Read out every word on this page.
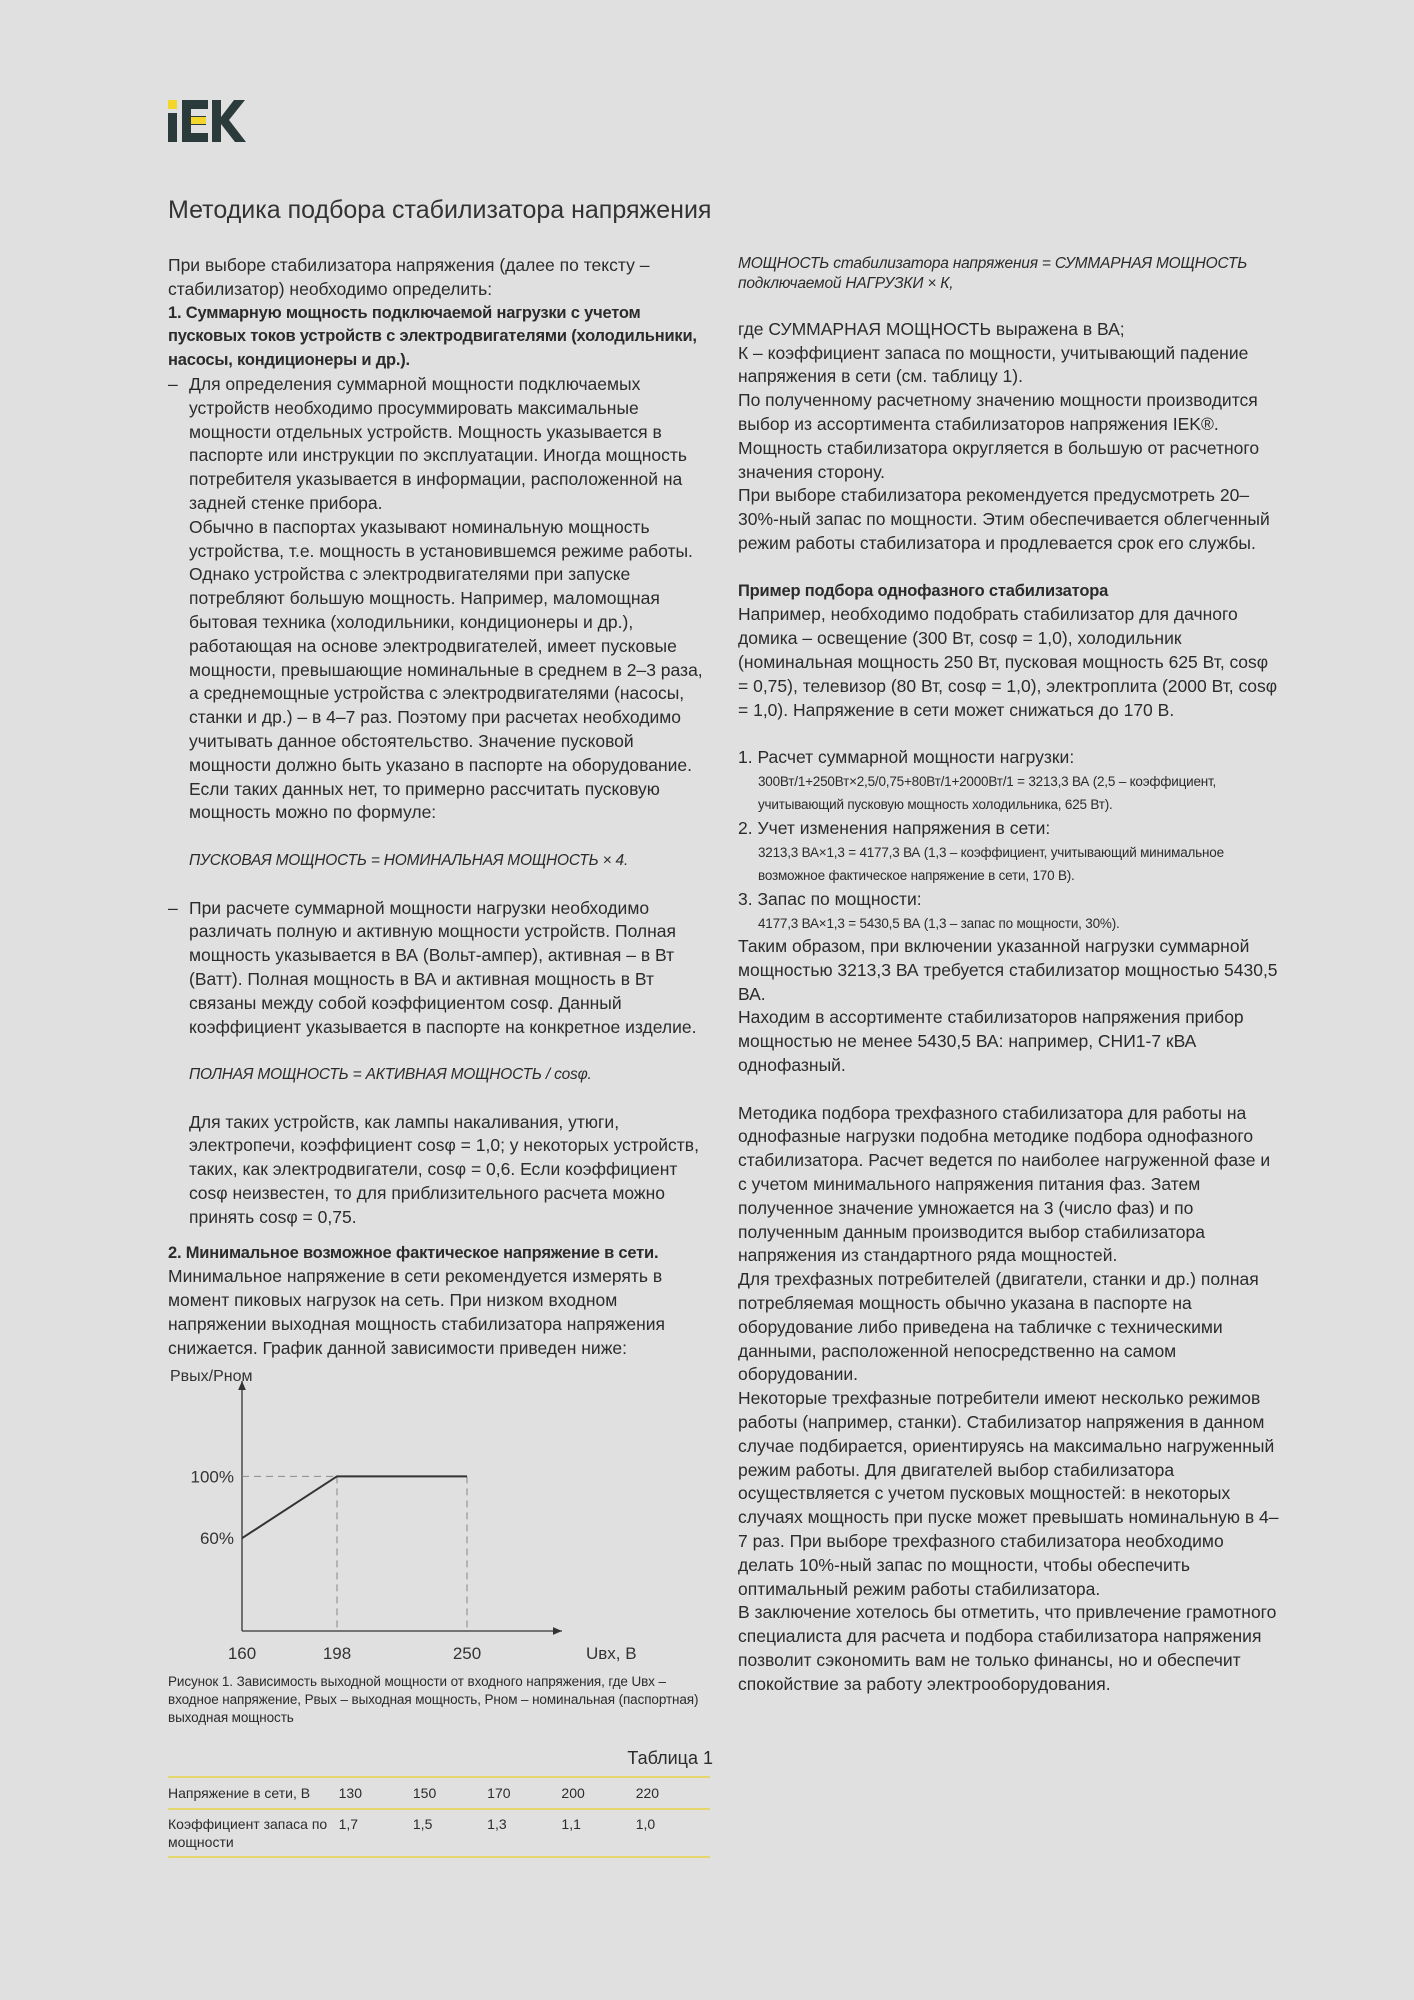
Методика подбора стабилизатора напряжения

При выборе стабилизатора напряжения (далее по тексту – стабилизатор) необходимо определить:

1. Суммарную мощность подключаемой нагрузки с учетом пусковых токов устройств с электродвигателями (холодильники, насосы, кондиционеры и др.).

– Для определения суммарной мощности подключаемых устройств необходимо просуммировать максимальные мощности отдельных устройств. Мощность указывается в паспорте или инструкции по эксплуатации. Иногда мощность потребителя указывается в информации, расположенной на задней стенке прибора.

Обычно в паспортах указывают номинальную мощность устройства, т.е. мощность в установившемся режиме работы. Однако устройства с электродвигателями при запуске потребляют большую мощность. Например, маломощная бытовая техника (холодильники, кондиционеры и др.), работающая на основе электродвигателей, имеет пусковые мощности, превышающие номинальные в среднем в 2–3 раза, а среднемощные устройства с электродвигателями (насосы, станки и др.) – в 4–7 раз. Поэтому при расчетах необходимо учитывать данное обстоятельство. Значение пусковой мощности должно быть указано в паспорте на оборудование. Если таких данных нет, то примерно рассчитать пусковую мощность можно по формуле:

ПУСКОВАЯ МОЩНОСТЬ = НОМИНАЛЬНАЯ МОЩНОСТЬ × 4.

– При расчете суммарной мощности нагрузки необходимо различать полную и активную мощности устройств. Полная мощность указывается в ВА (Вольт-ампер), активная – в Вт (Ватт). Полная мощность в ВА и активная мощность в Вт связаны между собой коэффициентом cosφ. Данный коэффициент указывается в паспорте на конкретное изделие.

ПОЛНАЯ МОЩНОСТЬ = АКТИВНАЯ МОЩНОСТЬ / cosφ.

Для таких устройств, как лампы накаливания, утюги, электропечи, коэффициент cosφ = 1,0; у некоторых устройств, таких, как электродвигатели, cosφ = 0,6. Если коэффициент cosφ неизвестен, то для приблизительного расчета можно принять cosφ = 0,75.

2. Минимальное возможное фактическое напряжение в сети.

Минимальное напряжение в сети рекомендуется измерять в момент пиковых нагрузок на сеть. При низком входном напряжении выходная мощность стабилизатора напряжения снижается. График данной зависимости приведен ниже:

100%
60%
160	198	250
Pвых/Pном
Uвх, В

Рисунок 1. Зависимость выходной мощности от входного напряжения, где Uвх – входное напряжение, Pвых – выходная мощность, Pном – номинальная (паспортная) выходная мощность

Таблица 1
Напряжение в сети, В	130	150	170	200	220
Коэффициент запаса по мощности	1,7	1,5	1,3	1,1	1,0

МОЩНОСТЬ стабилизатора напряжения = СУММАРНАЯ МОЩНОСТЬ подключаемой НАГРУЗКИ × К,

где СУММАРНАЯ МОЩНОСТЬ выражена в ВА;

К – коэффициент запаса по мощности, учитывающий падение напряжения в сети (см. таблицу 1).

По полученному расчетному значению мощности производится выбор из ассортимента стабилизаторов напряжения IEK®. Мощность стабилизатора округляется в большую от расчетного значения сторону.

При выборе стабилизатора рекомендуется предусмотреть 20–30%-ный запас по мощности. Этим обеспечивается облегченный режим работы стабилизатора и продлевается срок его службы.

Пример подбора однофазного стабилизатора

Например, необходимо подобрать стабилизатор для дачного домика – освещение (300 Вт, cosφ = 1,0), холодильник (номинальная мощность 250 Вт, пусковая мощность 625 Вт, cosφ = 0,75), телевизор (80 Вт, cosφ = 1,0), электроплита (2000 Вт, cosφ = 1,0). Напряжение в сети может снижаться до 170 В.

1. Расчет суммарной мощности нагрузки:

300Вт/1+250Вт×2,5/0,75+80Вт/1+2000Вт/1 = 3213,3 ВА (2,5 – коэффициент, учитывающий пусковую мощность холодильника, 625 Вт).

2. Учет изменения напряжения в сети:

3213,3 ВА×1,3 = 4177,3 ВА (1,3 – коэффициент, учитывающий минимальное возможное фактическое напряжение в сети, 170 В).

3. Запас по мощности:

4177,3 ВА×1,3 = 5430,5 ВА (1,3 – запас по мощности, 30%).

Таким образом, при включении указанной нагрузки суммарной мощностью 3213,3 ВА требуется стабилизатор мощностью 5430,5 ВА.

Находим в ассортименте стабилизаторов напряжения прибор мощностью не менее 5430,5 ВА: например, СНИ1-7 кВА однофазный.

Методика подбора трехфазного стабилизатора для работы на однофазные нагрузки подобна методике подбора однофазного стабилизатора. Расчет ведется по наиболее нагруженной фазе и с учетом минимального напряжения питания фаз. Затем полученное значение умножается на 3 (число фаз) и по полученным данным производится выбор стабилизатора напряжения из стандартного ряда мощностей.

Для трехфазных потребителей (двигатели, станки и др.) полная потребляемая мощность обычно указана в паспорте на оборудование либо приведена на табличке с техническими данными, расположенной непосредственно на самом оборудовании.

Некоторые трехфазные потребители имеют несколько режимов работы (например, станки). Стабилизатор напряжения в данном случае подбирается, ориентируясь на максимально нагруженный режим работы. Для двигателей выбор стабилизатора осуществляется с учетом пусковых мощностей: в некоторых случаях мощность при пуске может превышать номинальную в 4–7 раз. При выборе трехфазного стабилизатора необходимо делать 10%-ный запас по мощности, чтобы обеспечить оптимальный режим работы стабилизатора.

В заключение хотелось бы отметить, что привлечение грамотного специалиста для расчета и подбора стабилизатора напряжения позволит сэкономить вам не только финансы, но и обеспечит спокойствие за работу электрооборудования.
